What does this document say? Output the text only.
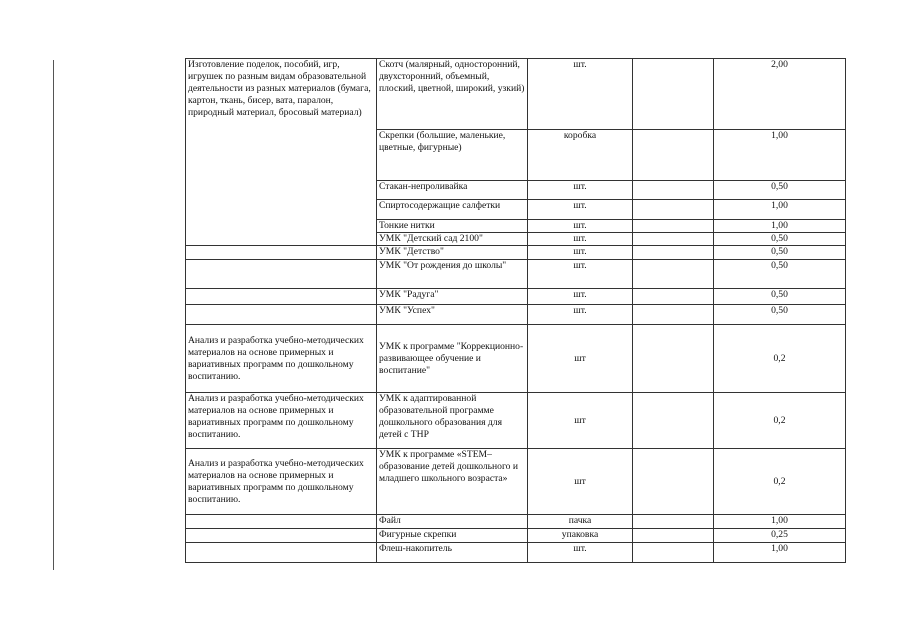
Изготовление поделок, пособий, игр, игрушек по разным видам образовательной деятельности из разных материалов (бумага, картон, ткань, бисер, вата, паралон, природный материал, бросовый материал)	Скотч (малярный, односторонний, двухсторонний, объемный, плоский, цветной, широкий, узкий)	шт.		2,00
	Скрепки (большие, маленькие, цветные, фигурные)	коробка		1,00
	Стакан-непроливайка	шт.		0,50
	Спиртосодержащие салфетки	шт.		1,00
	Тонкие нитки	шт.		1,00
	УМК "Детский сад 2100"	шт.		0,50
	УМК "Детство"	шт.		0,50
	УМК "От рождения до школы"	шт.		0,50
	УМК "Радуга"	шт.		0,50
	УМК "Успех"	шт.		0,50
Анализ и разработка учебно-методических материалов на основе примерных и вариативных программ по дошкольному воспитанию.	УМК к программе "Коррекционно-развивающее обучение и воспитание"	шт		0,2
Анализ и разработка учебно-методических материалов на основе примерных и вариативных программ по дошкольному воспитанию.	УМК к адаптированной образовательной программе дошкольного образования для детей с ТНР	шт		0,2
Анализ и разработка учебно-методических материалов на основе примерных и вариативных программ по дошкольному воспитанию.	УМК к программе «STEM–образование детей дошкольного и младшего школьного возраста»	шт		0,2
	Файл	пачка		1,00
	Фигурные скрепки	упаковка		0,25
	Флеш-накопитель	шт.		1,00
